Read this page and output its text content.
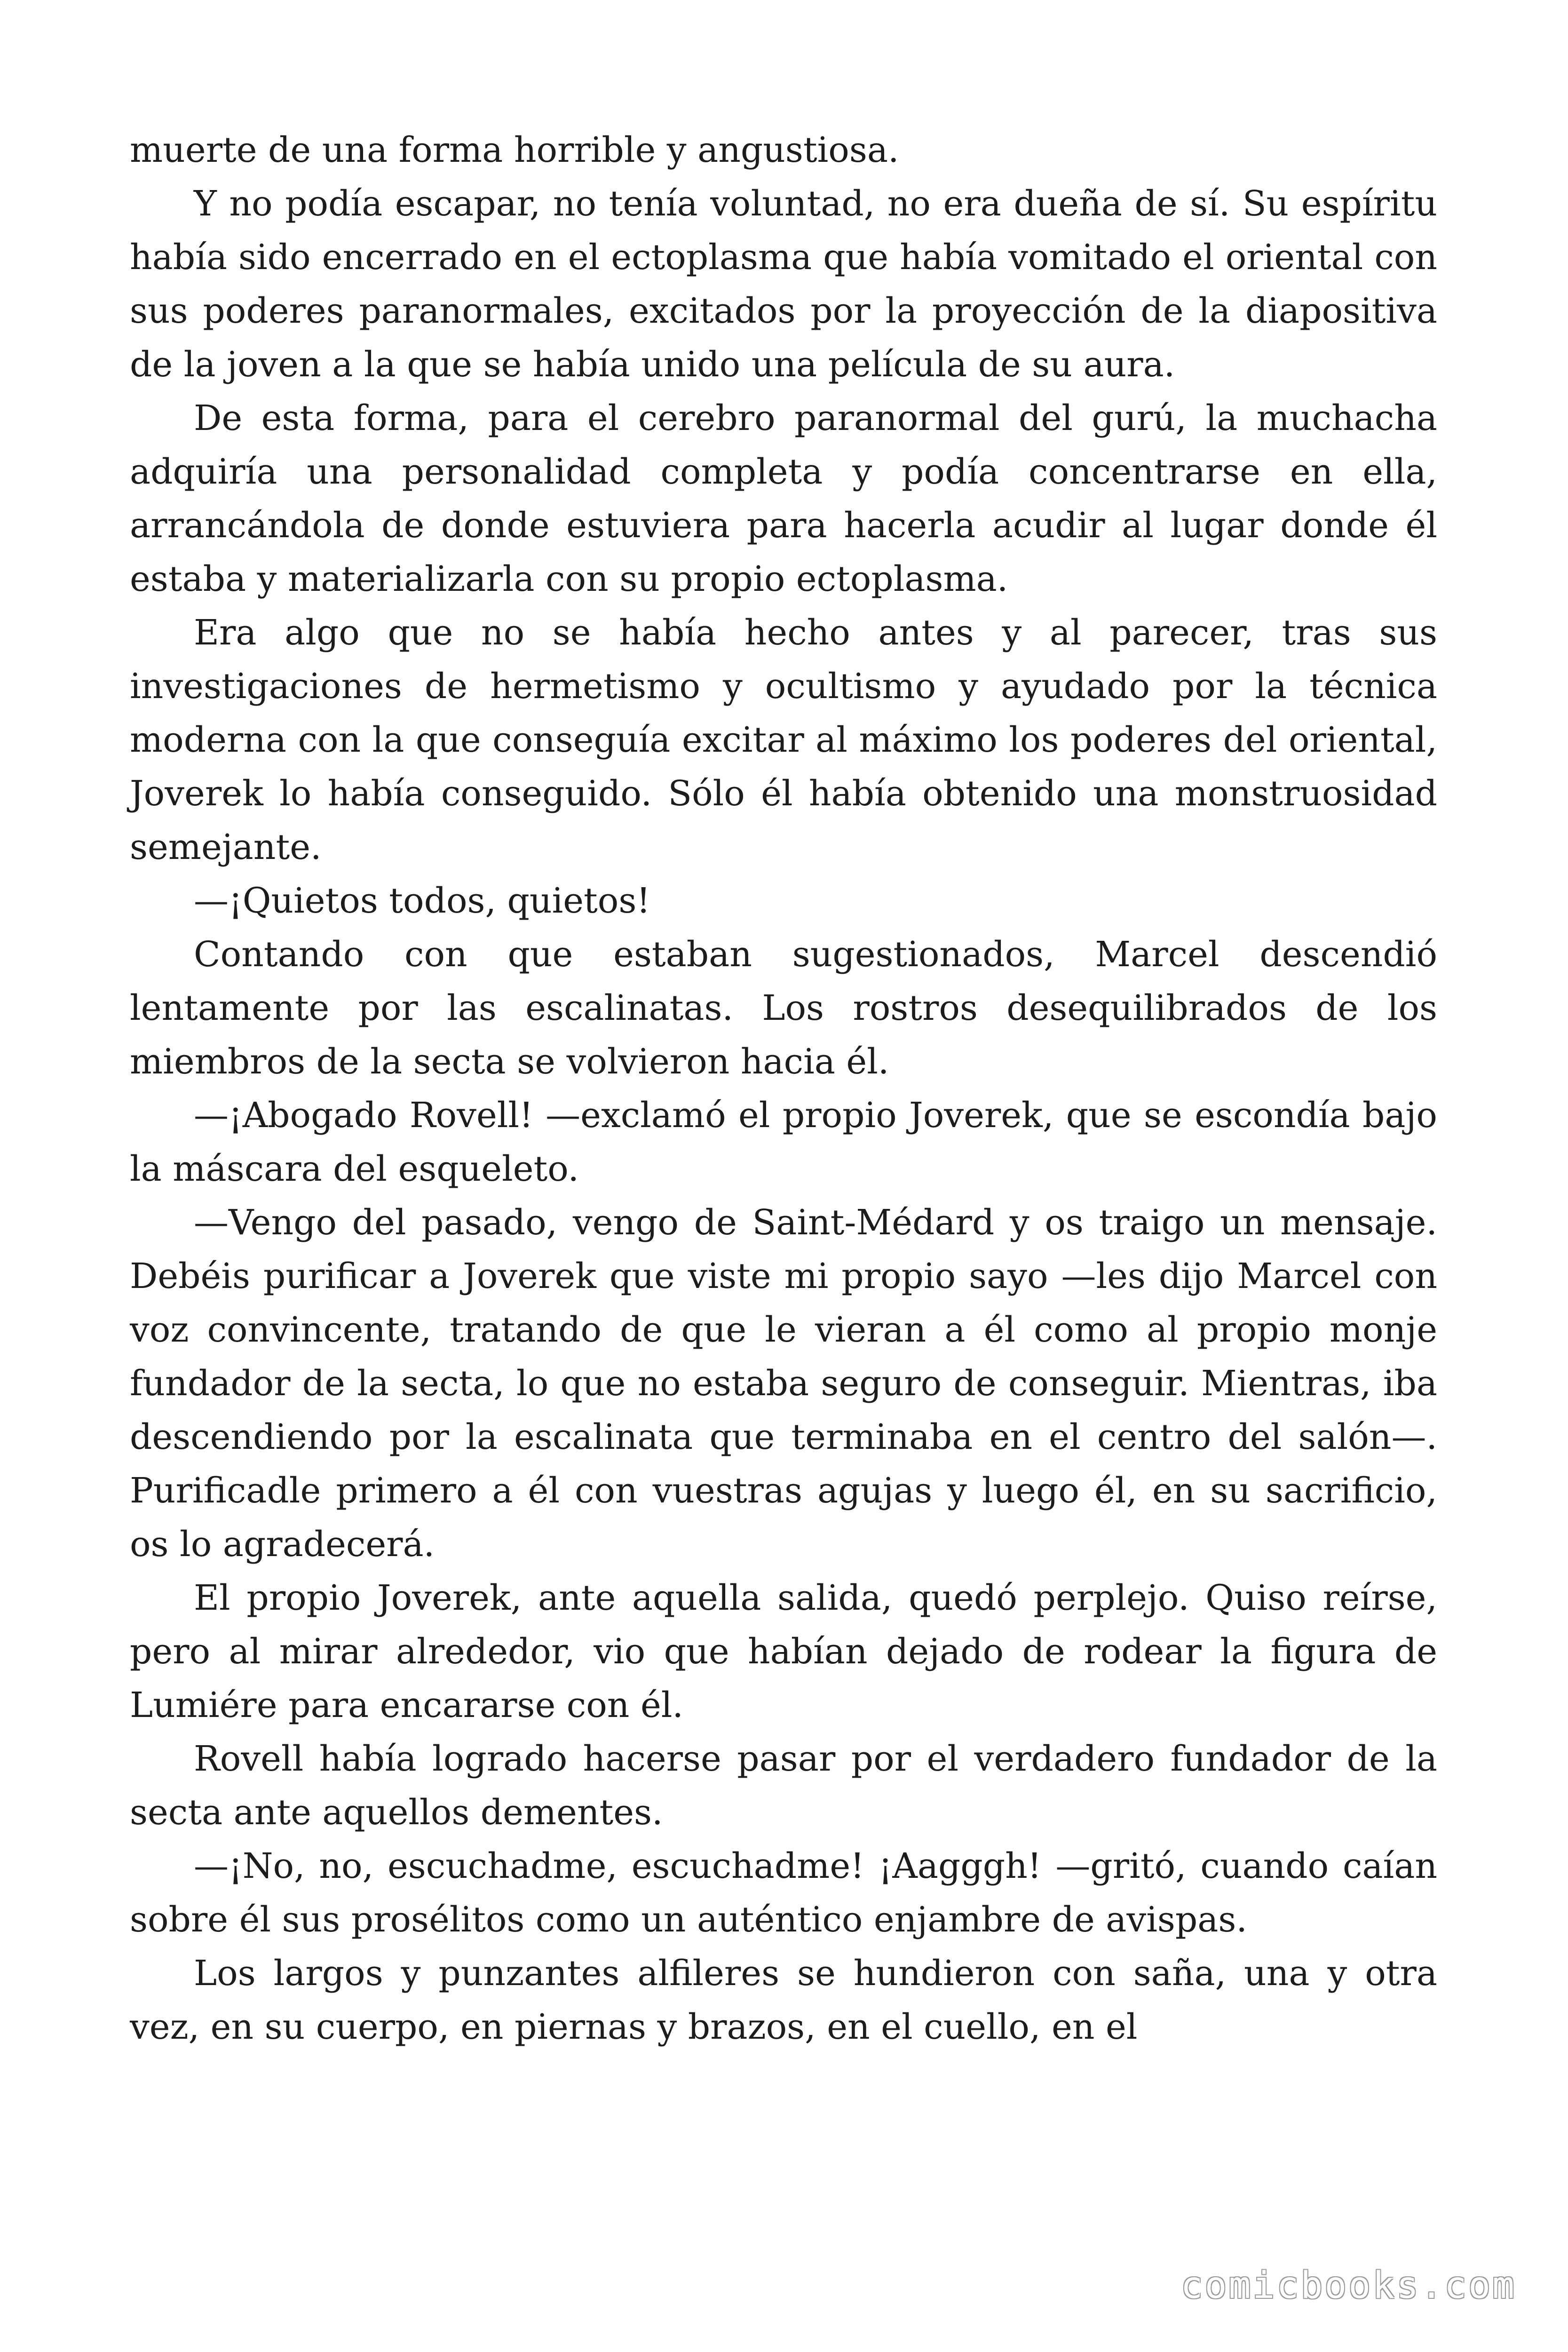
muerte de una forma horrible y angustiosa.

Y no podía escapar, no tenía voluntad, no era dueña de sí. Su espíritu había sido encerrado en el ectoplasma que había vomitado el oriental con sus poderes paranormales, excitados por la proyección de la diapositiva de la joven a la que se había unido una película de su aura.

De esta forma, para el cerebro paranormal del gurú, la muchacha adquiría una personalidad completa y podía concentrarse en ella, arrancándola de donde estuviera para hacerla acudir al lugar donde él estaba y materializarla con su propio ectoplasma.

Era algo que no se había hecho antes y al parecer, tras sus investigaciones de hermetismo y ocultismo y ayudado por la técnica moderna con la que conseguía excitar al máximo los poderes del oriental, Joverek lo había conseguido. Sólo él había obtenido una monstruosidad semejante.

—¡Quietos todos, quietos!

Contando con que estaban sugestionados, Marcel descendió lentamente por las escalinatas. Los rostros desequilibrados de los miembros de la secta se volvieron hacia él.

—¡Abogado Rovell! —exclamó el propio Joverek, que se escondía bajo la máscara del esqueleto.

—Vengo del pasado, vengo de Saint-Médard y os traigo un mensaje. Debéis purificar a Joverek que viste mi propio sayo —les dijo Marcel con voz convincente, tratando de que le vieran a él como al propio monje fundador de la secta, lo que no estaba seguro de conseguir. Mientras, iba descendiendo por la escalinata que terminaba en el centro del salón—. Purificadle primero a él con vuestras agujas y luego él, en su sacrificio, os lo agradecerá.

El propio Joverek, ante aquella salida, quedó perplejo. Quiso reírse, pero al mirar alrededor, vio que habían dejado de rodear la figura de Lumiére para encararse con él.

Rovell había logrado hacerse pasar por el verdadero fundador de la secta ante aquellos dementes.

—¡No, no, escuchadme, escuchadme! ¡Aagggh! —gritó, cuando caían sobre él sus prosélitos como un auténtico enjambre de avispas.

Los largos y punzantes alfileres se hundieron con saña, una y otra vez, en su cuerpo, en piernas y brazos, en el cuello, en el

comicbooks.com
